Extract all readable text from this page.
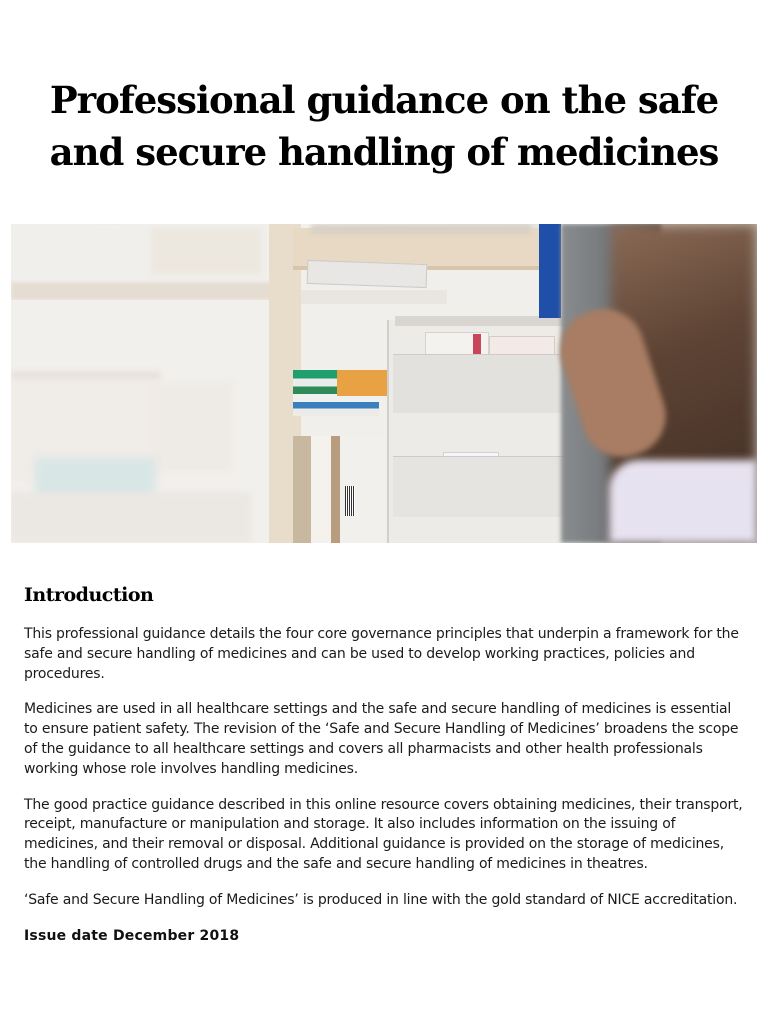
Professional guidance on the safe
and secure handling of medicines
Introduction

This professional guidance details the four core governance principles that underpin a framework for the safe and secure handling of medicines and can be used to develop working practices, policies and procedures.

Medicines are used in all healthcare settings and the safe and secure handling of medicines is essential to ensure patient safety. The revision of the ‘Safe and Secure Handling of Medicines’ broadens the scope of the guidance to all healthcare settings and covers all pharmacists and other health professionals working whose role involves handling medicines.

The good practice guidance described in this online resource covers obtaining medicines, their transport, receipt, manufacture or manipulation and storage. It also includes information on the issuing of medicines, and their removal or disposal. Additional guidance is provided on the storage of medicines, the handling of controlled drugs and the safe and secure handling of medicines in theatres.

‘Safe and Secure Handling of Medicines’ is produced in line with the gold standard of NICE accreditation.

Issue date December 2018
